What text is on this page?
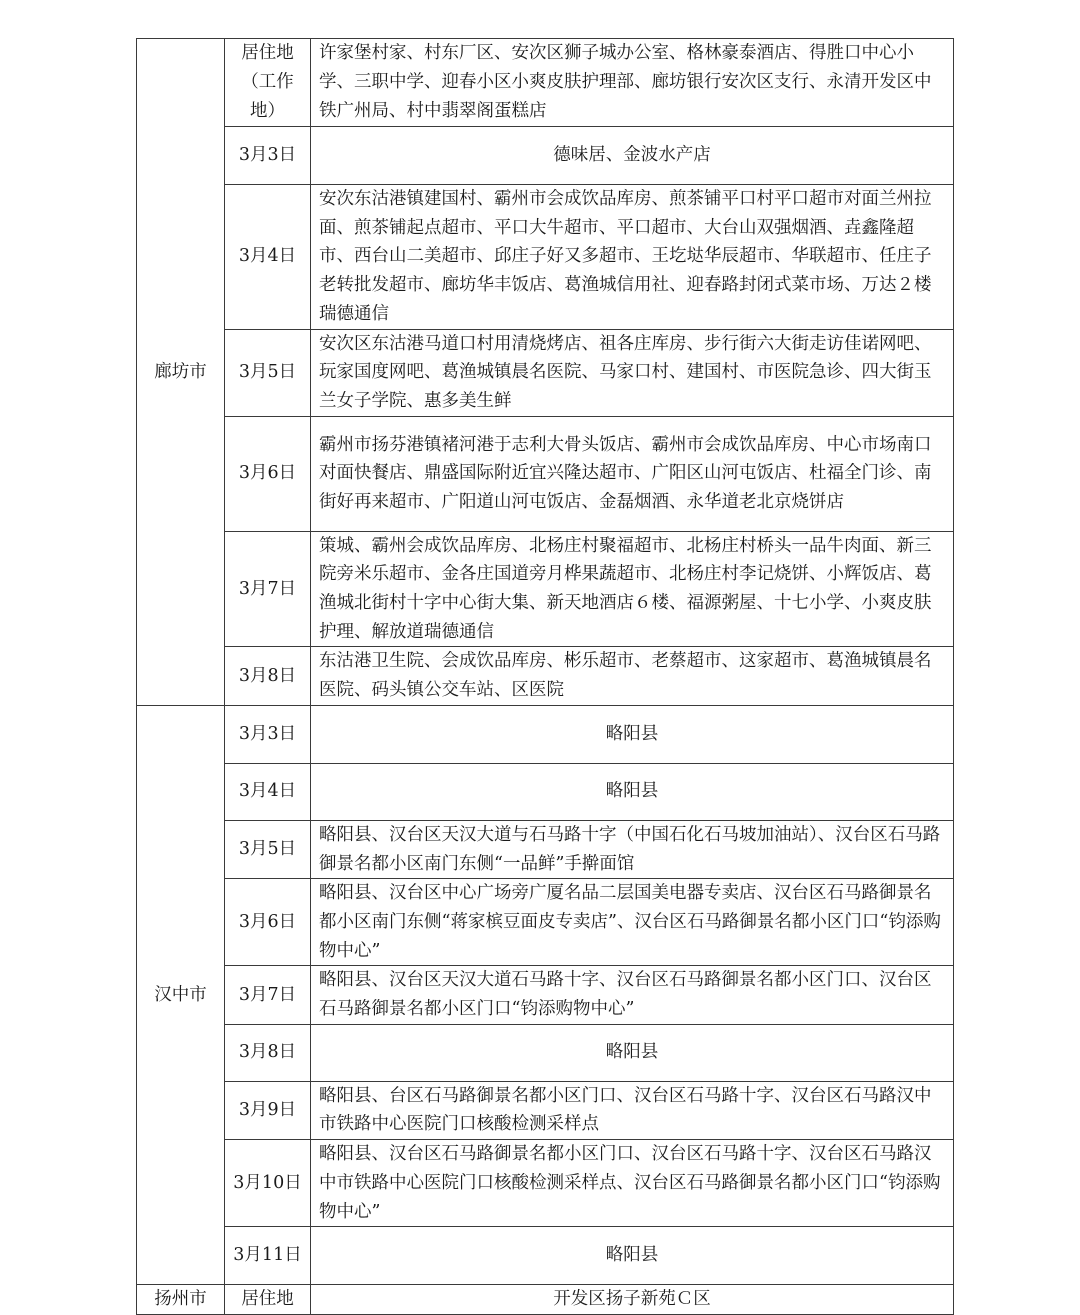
廊坊市	居住地（工作地）	许家堡村家、村东厂区、安次区狮子城办公室、格林豪泰酒店、得胜口中心小学、三职中学、迎春小区小爽皮肤护理部、廊坊银行安次区支行、永清开发区中铁广州局、村中翡翠阁蛋糕店
	3月3日	德味居、金波水产店
	3月4日	安次东沽港镇建国村、霸州市会成饮品库房、煎茶铺平口村平口超市对面兰州拉面、煎茶铺起点超市、平口大牛超市、平口超市、大台山双强烟酒、垚鑫隆超市、西台山二美超市、邱庄子好又多超市、王圪垯华辰超市、华联超市、任庄子老转批发超市、廊坊华丰饭店、葛渔城信用社、迎春路封闭式菜市场、万达２楼瑞德通信
	3月5日	安次区东沽港马道口村用清烧烤店、祖各庄库房、步行街六大街走访佳诺网吧、玩家国度网吧、葛渔城镇晨名医院、马家口村、建国村、市医院急诊、四大街玉兰女子学院、惠多美生鲜
	3月6日	霸州市扬芬港镇褚河港于志利大骨头饭店、霸州市会成饮品库房、中心市场南口对面快餐店、鼎盛国际附近宜兴隆达超市、广阳区山河屯饭店、杜福全门诊、南街好再来超市、广阳道山河屯饭店、金磊烟酒、永华道老北京烧饼店
	3月7日	策城、霸州会成饮品库房、北杨庄村聚福超市、北杨庄村桥头一品牛肉面、新三院旁米乐超市、金各庄国道旁月桦果蔬超市、北杨庄村李记烧饼、小辉饭店、葛渔城北街村十字中心街大集、新天地酒店６楼、福源粥屋、十七小学、小爽皮肤护理、解放道瑞德通信
	3月8日	东沽港卫生院、会成饮品库房、彬乐超市、老蔡超市、这家超市、葛渔城镇晨名医院、码头镇公交车站、区医院
汉中市	3月3日	略阳县
	3月4日	略阳县
	3月5日	略阳县、汉台区天汉大道与石马路十字（中国石化石马坡加油站）、汉台区石马路御景名都小区南门东侧“一品鲜”手擀面馆
	3月6日	略阳县、汉台区中心广场旁广厦名品二层国美电器专卖店、汉台区石马路御景名都小区南门东侧“蒋家槟豆面皮专卖店”、汉台区石马路御景名都小区门口“钧添购物中心”
	3月7日	略阳县、汉台区天汉大道石马路十字、汉台区石马路御景名都小区门口、汉台区石马路御景名都小区门口“钧添购物中心”
	3月8日	略阳县
	3月9日	略阳县、台区石马路御景名都小区门口、汉台区石马路十字、汉台区石马路汉中市铁路中心医院门口核酸检测采样点
	3月10日	略阳县、汉台区石马路御景名都小区门口、汉台区石马路十字、汉台区石马路汉中市铁路中心医院门口核酸检测采样点、汉台区石马路御景名都小区门口“钧添购物中心”
	3月11日	略阳县
扬州市	居住地	开发区扬子新苑Ｃ区
